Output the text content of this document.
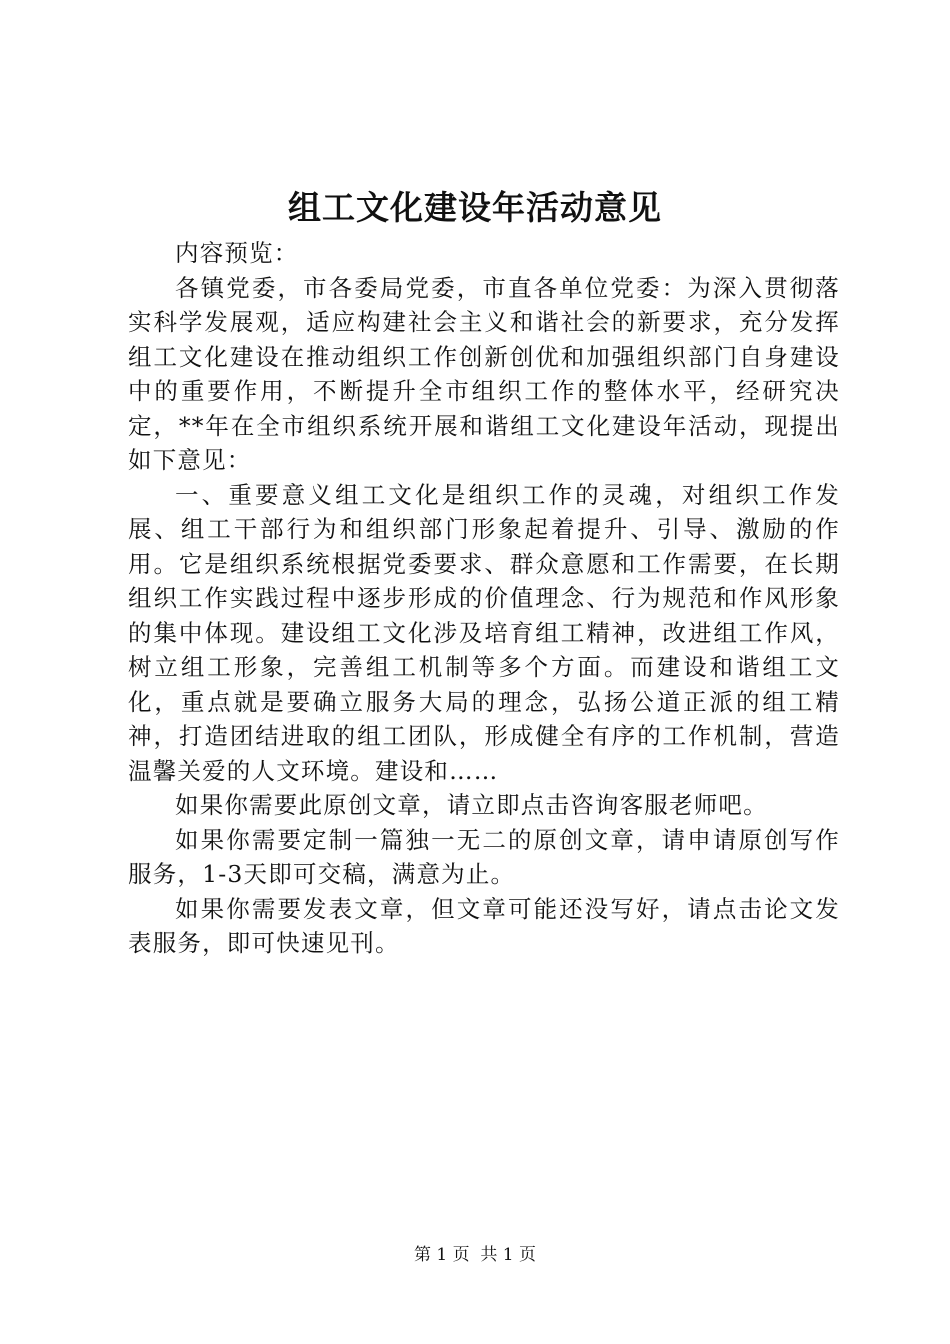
组工文化建设年活动意见

内容预览：

各镇党委，市各委局党委，市直各单位党委：为深入贯彻落实科学发展观，适应构建社会主义和谐社会的新要求，充分发挥组工文化建设在推动组织工作创新创优和加强组织部门自身建设中的重要作用，不断提升全市组织工作的整体水平，经研究决定，**年在全市组织系统开展和谐组工文化建设年活动，现提出如下意见：

一、重要意义组工文化是组织工作的灵魂，对组织工作发展、组工干部行为和组织部门形象起着提升、引导、激励的作用。它是组织系统根据党委要求、群众意愿和工作需要，在长期组织工作实践过程中逐步形成的价值理念、行为规范和作风形象的集中体现。建设组工文化涉及培育组工精神，改进组工作风，树立组工形象，完善组工机制等多个方面。而建设和谐组工文化，重点就是要确立服务大局的理念，弘扬公道正派的组工精神，打造团结进取的组工团队，形成健全有序的工作机制，营造温馨关爱的人文环境。建设和……

如果你需要此原创文章，请立即点击咨询客服老师吧。

如果你需要定制一篇独一无二的原创文章，请申请原创写作服务，1-3天即可交稿，满意为止。

如果你需要发表文章，但文章可能还没写好，请点击论文发表服务，即可快速见刊。

第 1 页  共 1 页
